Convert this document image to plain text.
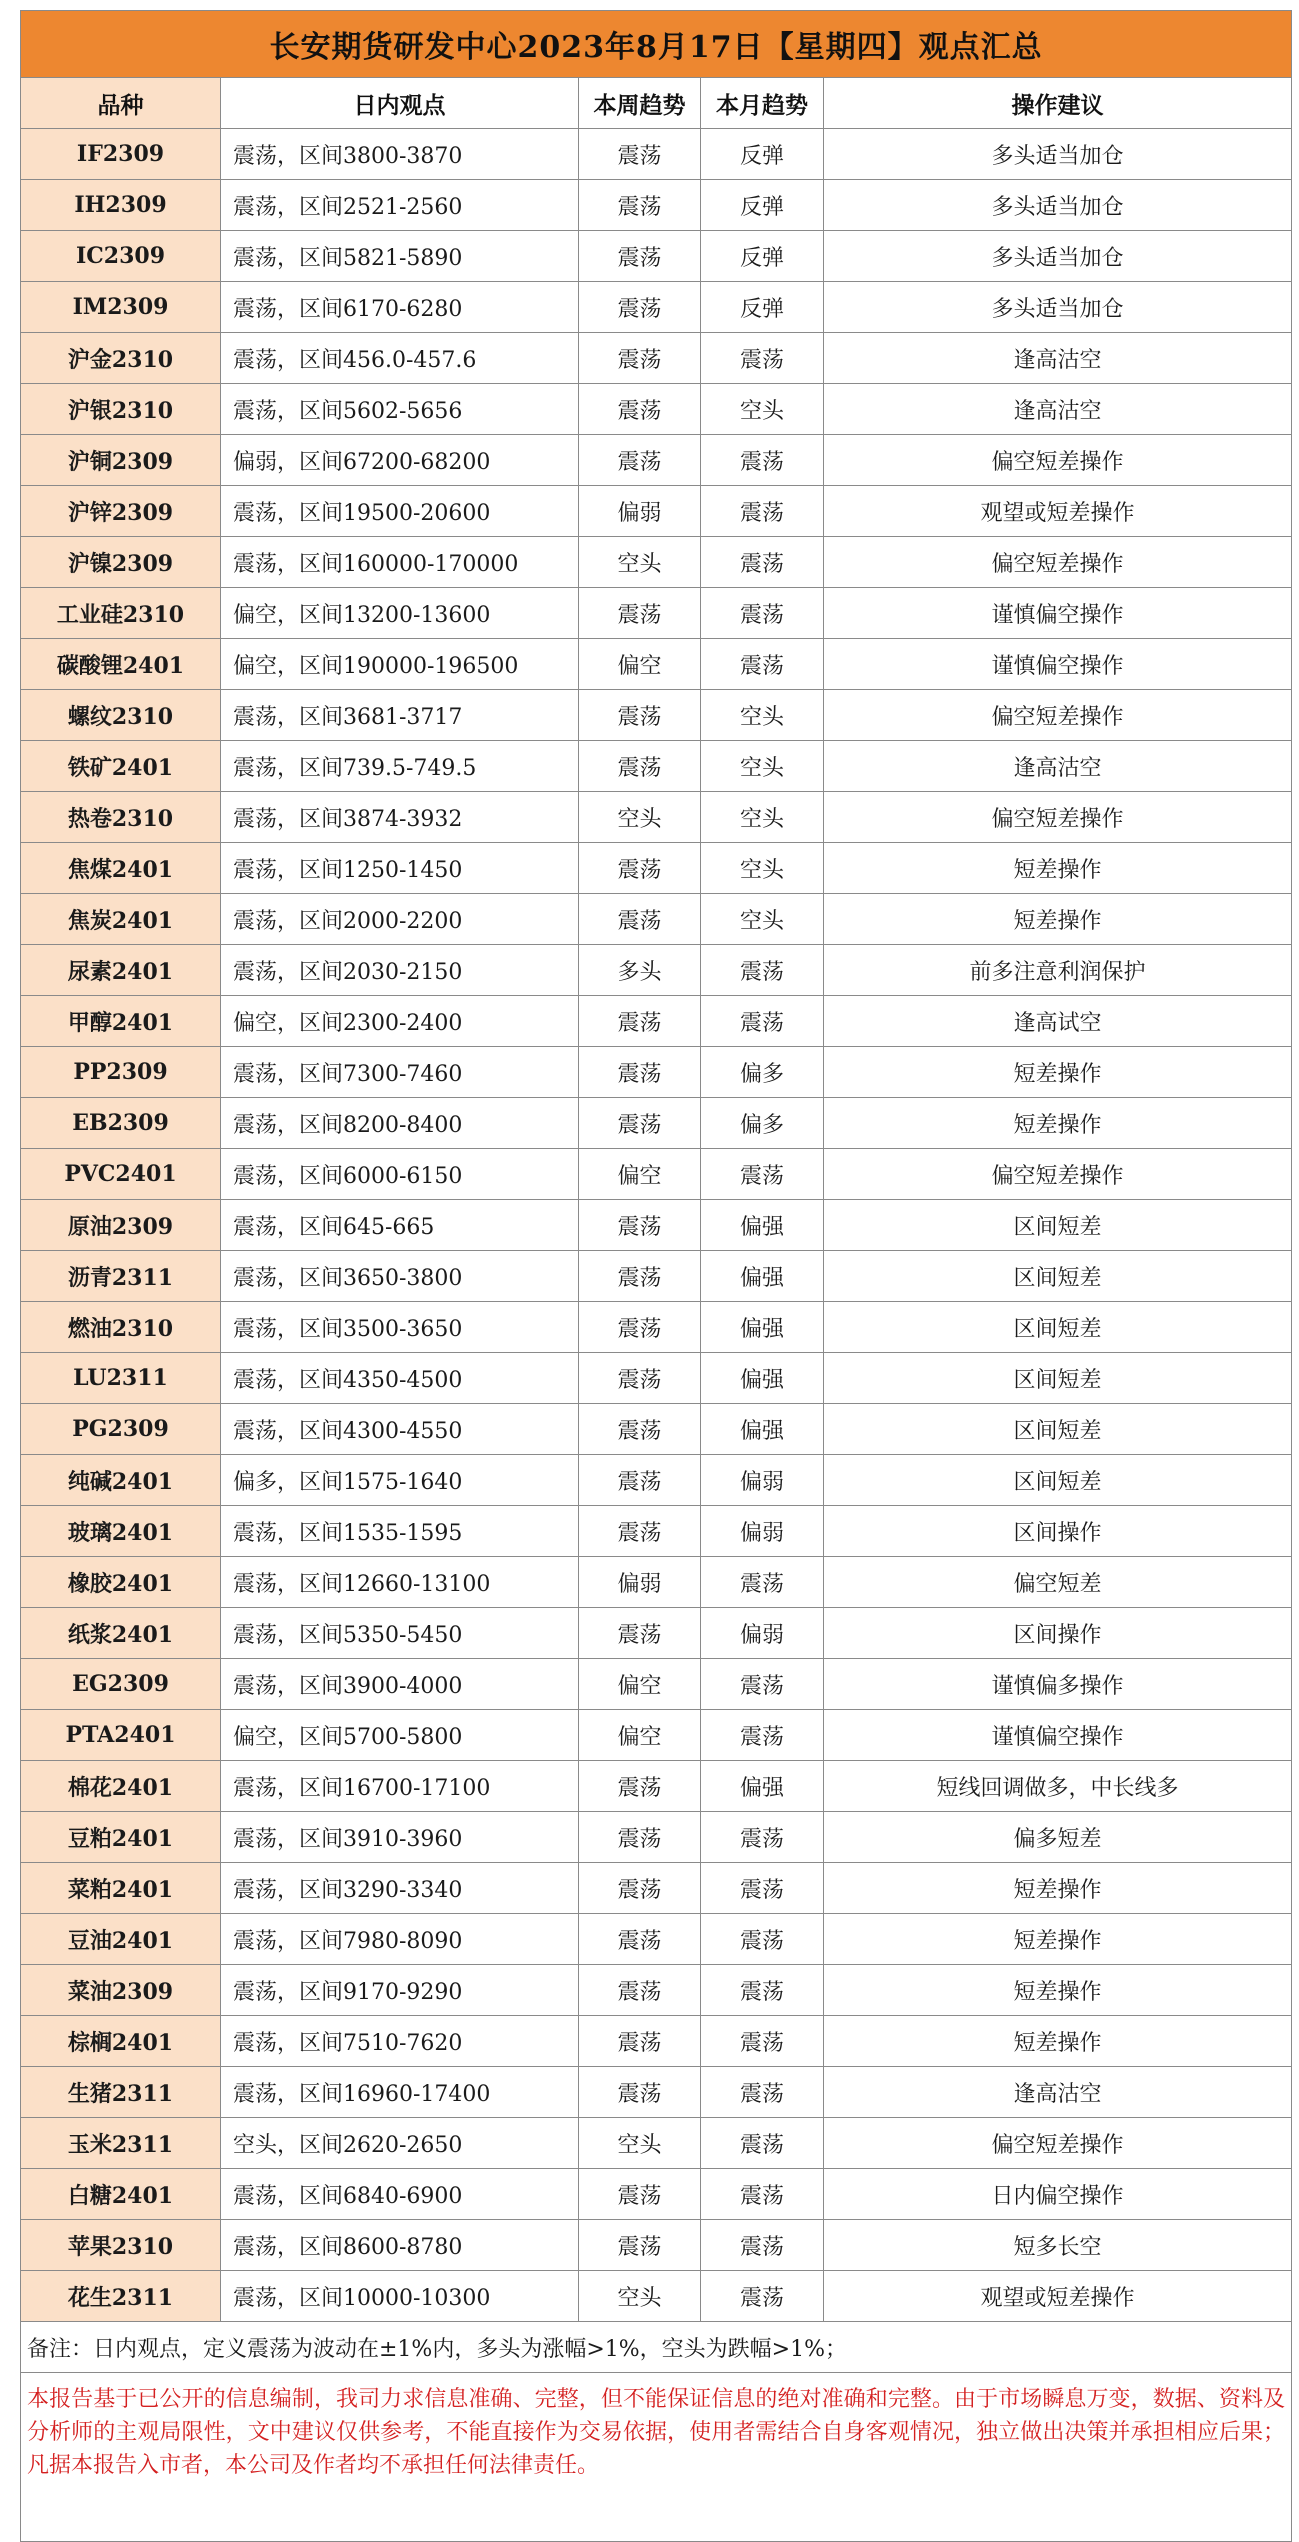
长安期货研发中心2023年8月17日【星期四】观点汇总				
品种	日内观点	本周趋势	本月趋势	操作建议
IF2309	震荡，区间3800-3870	震荡	反弹	多头适当加仓
IH2309	震荡，区间2521-2560	震荡	反弹	多头适当加仓
IC2309	震荡，区间5821-5890	震荡	反弹	多头适当加仓
IM2309	震荡，区间6170-6280	震荡	反弹	多头适当加仓
沪金2310	震荡，区间456.0-457.6	震荡	震荡	逢高沽空
沪银2310	震荡，区间5602-5656	震荡	空头	逢高沽空
沪铜2309	偏弱，区间67200-68200	震荡	震荡	偏空短差操作
沪锌2309	震荡，区间19500-20600	偏弱	震荡	观望或短差操作
沪镍2309	震荡，区间160000-170000	空头	震荡	偏空短差操作
工业硅2310	偏空，区间13200-13600	震荡	震荡	谨慎偏空操作
碳酸锂2401	偏空，区间190000-196500	偏空	震荡	谨慎偏空操作
螺纹2310	震荡，区间3681-3717	震荡	空头	偏空短差操作
铁矿2401	震荡，区间739.5-749.5	震荡	空头	逢高沽空
热卷2310	震荡，区间3874-3932	空头	空头	偏空短差操作
焦煤2401	震荡，区间1250-1450	震荡	空头	短差操作
焦炭2401	震荡，区间2000-2200	震荡	空头	短差操作
尿素2401	震荡，区间2030-2150	多头	震荡	前多注意利润保护
甲醇2401	偏空，区间2300-2400	震荡	震荡	逢高试空
PP2309	震荡，区间7300-7460	震荡	偏多	短差操作
EB2309	震荡，区间8200-8400	震荡	偏多	短差操作
PVC2401	震荡，区间6000-6150	偏空	震荡	偏空短差操作
原油2309	震荡，区间645-665	震荡	偏强	区间短差
沥青2311	震荡，区间3650-3800	震荡	偏强	区间短差
燃油2310	震荡，区间3500-3650	震荡	偏强	区间短差
LU2311	震荡，区间4350-4500	震荡	偏强	区间短差
PG2309	震荡，区间4300-4550	震荡	偏强	区间短差
纯碱2401	偏多，区间1575-1640	震荡	偏弱	区间短差
玻璃2401	震荡，区间1535-1595	震荡	偏弱	区间操作
橡胶2401	震荡，区间12660-13100	偏弱	震荡	偏空短差
纸浆2401	震荡，区间5350-5450	震荡	偏弱	区间操作
EG2309	震荡，区间3900-4000	偏空	震荡	谨慎偏多操作
PTA2401	偏空，区间5700-5800	偏空	震荡	谨慎偏空操作
棉花2401	震荡，区间16700-17100	震荡	偏强	短线回调做多，中长线多
豆粕2401	震荡，区间3910-3960	震荡	震荡	偏多短差
菜粕2401	震荡，区间3290-3340	震荡	震荡	短差操作
豆油2401	震荡，区间7980-8090	震荡	震荡	短差操作
菜油2309	震荡，区间9170-9290	震荡	震荡	短差操作
棕榈2401	震荡，区间7510-7620	震荡	震荡	短差操作
生猪2311	震荡，区间16960-17400	震荡	震荡	逢高沽空
玉米2311	空头，区间2620-2650	空头	震荡	偏空短差操作
白糖2401	震荡，区间6840-6900	震荡	震荡	日内偏空操作
苹果2310	震荡，区间8600-8780	震荡	震荡	短多长空
花生2311	震荡，区间10000-10300	空头	震荡	观望或短差操作
备注：日内观点，定义震荡为波动在±1%内，多头为涨幅>1%，空头为跌幅>1%；				
本报告基于已公开的信息编制，我司力求信息准确、完整，但不能保证信息的绝对准确和完整。由于市场瞬息万变，数据、资料及分析师的主观局限性，文中建议仅供参考，不能直接作为交易依据，使用者需结合自身客观情况，独立做出决策并承担相应后果；凡据本报告入市者，本公司及作者均不承担任何法律责任。				
